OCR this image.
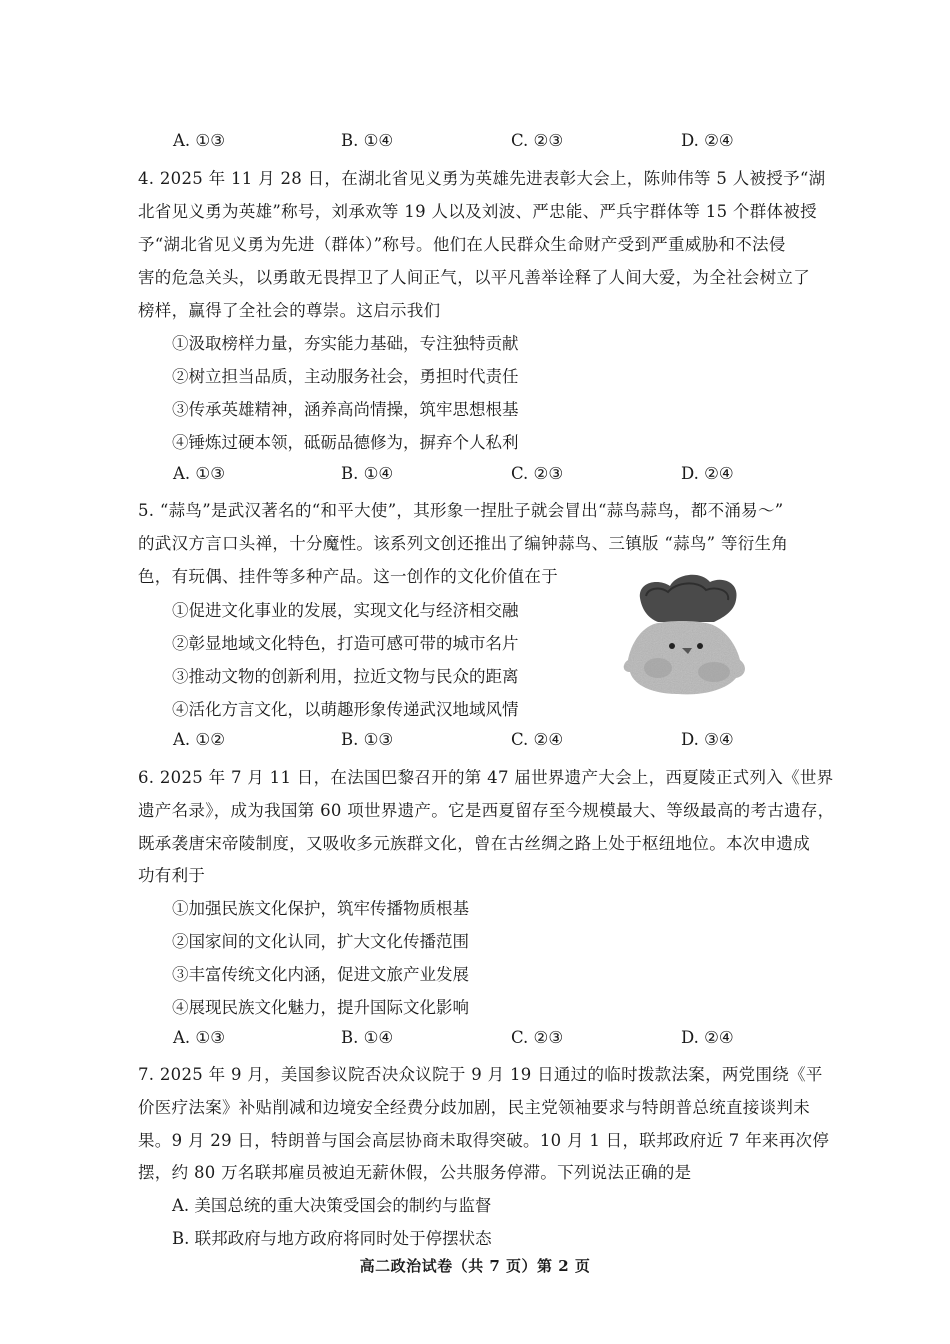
A. ①③	B. ①④	C. ②③	D. ②④
4. 2025 年 11 月 28 日，在湖北省见义勇为英雄先进表彰大会上，陈帅伟等 5 人被授予“湖
北省见义勇为英雄”称号，刘承欢等 19 人以及刘波、严忠能、严兵宇群体等 15 个群体被授
予“湖北省见义勇为先进（群体）”称号。他们在人民群众生命财产受到严重威胁和不法侵
害的危急关头，以勇敢无畏捍卫了人间正气，以平凡善举诠释了人间大爱，为全社会树立了
榜样，赢得了全社会的尊崇。这启示我们
①汲取榜样力量，夯实能力基础，专注独特贡献
②树立担当品质，主动服务社会，勇担时代责任
③传承英雄精神，涵养高尚情操，筑牢思想根基
④锤炼过硬本领，砥砺品德修为，摒弃个人私利
A. ①③	B. ①④	C. ②③	D. ②④
5. “蒜鸟”是武汉著名的“和平大使”，其形象一捏肚子就会冒出“蒜鸟蒜鸟，都不涌易～”
的武汉方言口头禅，十分魔性。该系列文创还推出了编钟蒜鸟、三镇版 “蒜鸟” 等衍生角
色，有玩偶、挂件等多种产品。这一创作的文化价值在于
①促进文化事业的发展，实现文化与经济相交融
②彰显地域文化特色，打造可感可带的城市名片
③推动文物的创新利用，拉近文物与民众的距离
④活化方言文化，以萌趣形象传递武汉地域风情
A. ①②	B. ①③	C. ②④	D. ③④
6. 2025 年 7 月 11 日，在法国巴黎召开的第 47 届世界遗产大会上，西夏陵正式列入《世界
遗产名录》，成为我国第 60 项世界遗产。它是西夏留存至今规模最大、等级最高的考古遗存，
既承袭唐宋帝陵制度，又吸收多元族群文化，曾在古丝绸之路上处于枢纽地位。本次申遗成
功有利于
①加强民族文化保护，筑牢传播物质根基
②国家间的文化认同，扩大文化传播范围
③丰富传统文化内涵，促进文旅产业发展
④展现民族文化魅力，提升国际文化影响
A. ①③	B. ①④	C. ②③	D. ②④
7. 2025 年 9 月，美国参议院否决众议院于 9 月 19 日通过的临时拨款法案，两党围绕《平
价医疗法案》补贴削减和边境安全经费分歧加剧，民主党领袖要求与特朗普总统直接谈判未
果。9 月 29 日，特朗普与国会高层协商未取得突破。10 月 1 日，联邦政府近 7 年来再次停
摆，约 80 万名联邦雇员被迫无薪休假，公共服务停滞。下列说法正确的是
A. 美国总统的重大决策受国会的制约与监督
B. 联邦政府与地方政府将同时处于停摆状态
高二政治试卷（共 7 页）第 2 页
